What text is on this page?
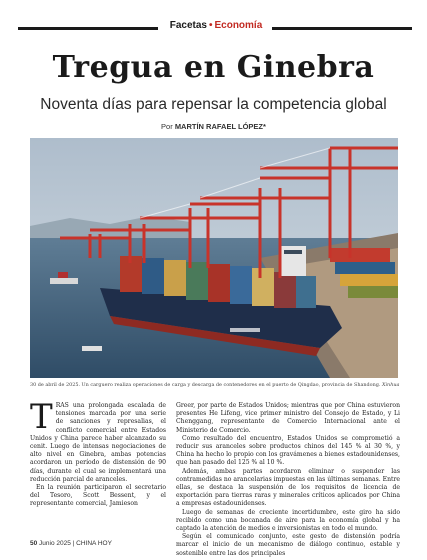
Facetas • Economía
Tregua en Ginebra
Noventa días para repensar la competencia global
Por MARTÍN RAFAEL LÓPEZ*
30 de abril de 2025. Un carguero realiza operaciones de carga y descarga de contenedores en el puerto de Qingdao, provincia de Shandong. Xinhua

TRAS una prolongada escalada de tensiones marcada por una serie de sanciones y represalias, el conflicto comercial entre Estados Unidos y China parece haber alcanzado su cenit. Luego de intensas negociaciones de alto nivel en Ginebra, ambas potencias acordaron un período de distensión de 90 días, durante el cual se implementará una reducción parcial de aranceles.

En la reunión participaron el secretario del Tesoro, Scott Bessent, y el representante comercial, Jamieson

Greer, por parte de Estados Unidos; mientras que por China estuvieron presentes He Lifeng, vice primer ministro del Consejo de Estado, y Li Chenggang, representante de Comercio Internacional ante el Ministerio de Comercio.

Como resultado del encuentro, Estados Unidos se comprometió a reducir sus aranceles sobre productos chinos del 145 % al 30 %, y China ha hecho lo propio con los gravámenes a bienes estadounidenses, que han pasado del 125 % al 10 %.

Además, ambas partes acordaron eliminar o suspender las contramedidas no arancelarias impuestas en las últimas semanas. Entre ellas, se destaca la suspensión de los requisitos de licencia de exportación para tierras raras y minerales críticos aplicados por China a empresas estadounidenses.

Luego de semanas de creciente incertidumbre, este giro ha sido recibido como una bocanada de aire para la economía global y ha captado la atención de medios e inversionistas en todo el mundo.

Según el comunicado conjunto, este gesto de distensión podría marcar el inicio de un mecanismo de diálogo continuo, estable y sostenible entre las dos principales

50 Junio 2025 | CHINA HOY
